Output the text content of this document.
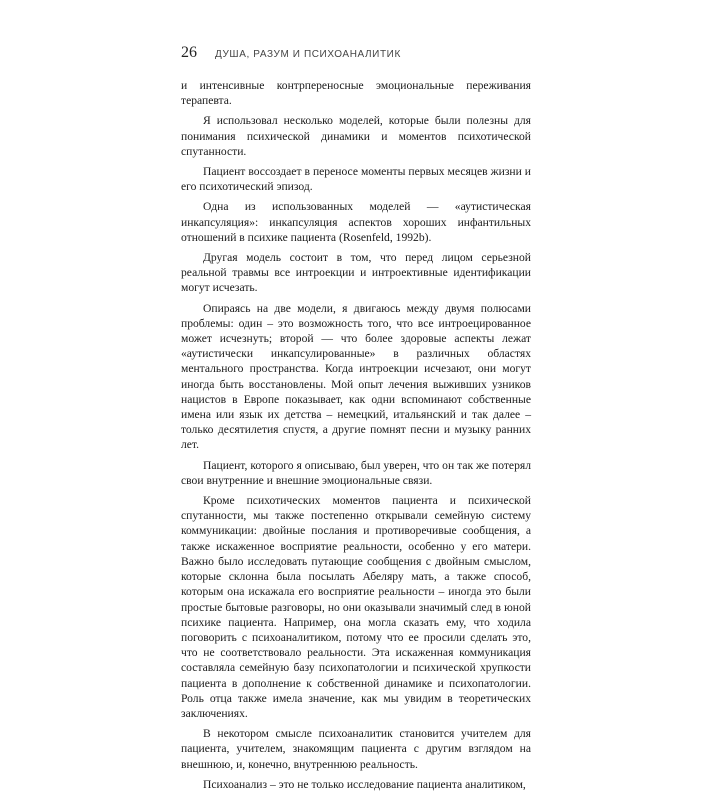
26 ДУША, РАЗУМ И ПСИХОАНАЛИТИК

и интенсивные контрпереносные эмоциональные переживания терапевта.

Я использовал несколько моделей, которые были полезны для понимания психической динамики и моментов психотической спутанности.

Пациент воссоздает в переносе моменты первых месяцев жизни и его психотический эпизод.

Одна из использованных моделей — «аутистическая инкапсуляция»: инкапсуляция аспектов хороших инфантильных отношений в психике пациента (Rosenfeld, 1992b).

Другая модель состоит в том, что перед лицом серьезной реальной травмы все интроекции и интроективные идентификации могут исчезать.

Опираясь на две модели, я двигаюсь между двумя полюсами проблемы: один – это возможность того, что все интроецированное может исчезнуть; второй — что более здоровые аспекты лежат «аутистически инкапсулированные» в различных областях ментального пространства. Когда интроекции исчезают, они могут иногда быть восстановлены. Мой опыт лечения выживших узников нацистов в Европе показывает, как одни вспоминают собственные имена или язык их детства – немецкий, итальянский и так далее – только десятилетия спустя, а другие помнят песни и музыку ранних лет.

Пациент, которого я описываю, был уверен, что он так же потерял свои внутренние и внешние эмоциональные связи.

Кроме психотических моментов пациента и психической спутанности, мы также постепенно открывали семейную систему коммуникации: двойные послания и противоречивые сообщения, а также искаженное восприятие реальности, особенно у его матери. Важно было исследовать путающие сообщения с двойным смыслом, которые склонна была посылать Абеляру мать, а также способ, которым она искажала его восприятие реальности – иногда это были простые бытовые разговоры, но они оказывали значимый след в юной психике пациента. Например, она могла сказать ему, что ходила поговорить с психоаналитиком, потому что ее просили сделать это, что не соответствовало реальности. Эта искаженная коммуникация составляла семейную базу психопатологии и психической хрупкости пациента в дополнение к собственной динамике и психопатологии. Роль отца также имела значение, как мы увидим в теоретических заключениях.

В некотором смысле психоаналитик становится учителем для пациента, учителем, знакомящим пациента с другим взглядом на внешнюю, и, конечно, внутреннюю реальность.

Психоанализ – это не только исследование пациента аналитиком,
